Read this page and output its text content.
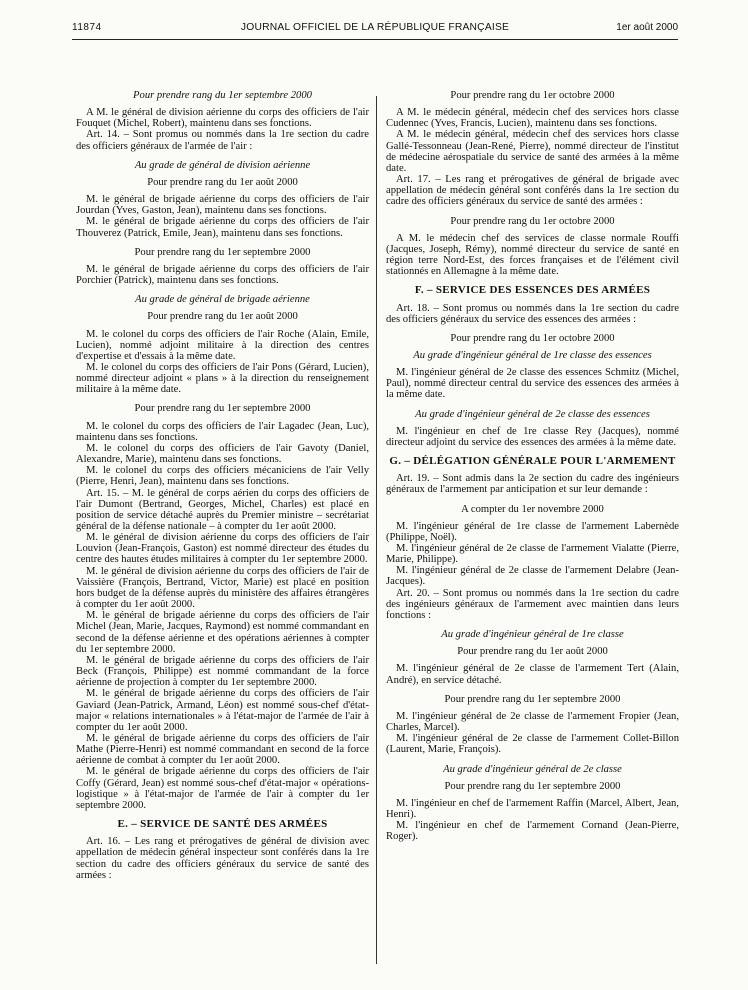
11874	JOURNAL OFFICIEL DE LA RÉPUBLIQUE FRANÇAISE	1er août 2000
Pour prendre rang du 1er septembre 2000
A M. le général de division aérienne du corps des officiers de l'air Fouquet (Michel, Robert), maintenu dans ses fonctions.
Art. 14. – Sont promus ou nommés dans la 1re section du cadre des officiers généraux de l'armée de l'air :
Au grade de général de division aérienne
Pour prendre rang du 1er août 2000
M. le général de brigade aérienne du corps des officiers de l'air Jourdan (Yves, Gaston, Jean), maintenu dans ses fonctions.
M. le général de brigade aérienne du corps des officiers de l'air Thouverez (Patrick, Emile, Jean), maintenu dans ses fonctions.
Pour prendre rang du 1er septembre 2000
M. le général de brigade aérienne du corps des officiers de l'air Porchier (Patrick), maintenu dans ses fonctions.
Au grade de général de brigade aérienne
Pour prendre rang du 1er août 2000
M. le colonel du corps des officiers de l'air Roche (Alain, Emile, Lucien), nommé adjoint militaire à la direction des centres d'expertise et d'essais à la même date.
M. le colonel du corps des officiers de l'air Pons (Gérard, Lucien), nommé directeur adjoint « plans » à la direction du renseignement militaire à la même date.
Pour prendre rang du 1er septembre 2000
M. le colonel du corps des officiers de l'air Lagadec (Jean, Luc), maintenu dans ses fonctions.
M. le colonel du corps des officiers de l'air Gavoty (Daniel, Alexandre, Marie), maintenu dans ses fonctions.
M. le colonel du corps des officiers mécaniciens de l'air Velly (Pierre, Henri, Jean), maintenu dans ses fonctions.
Art. 15. – M. le général de corps aérien du corps des officiers de l'air Dumont (Bertrand, Georges, Michel, Charles) est placé en position de service détaché auprès du Premier ministre – secrétariat général de la défense nationale – à compter du 1er août 2000.
M. le général de division aérienne du corps des officiers de l'air Louvion (Jean-François, Gaston) est nommé directeur des études du centre des hautes études militaires à compter du 1er septembre 2000.
M. le général de division aérienne du corps des officiers de l'air de Vaissière (François, Bertrand, Victor, Marie) est placé en position hors budget de la défense auprès du ministère des affaires étrangères à compter du 1er août 2000.
M. le général de brigade aérienne du corps des officiers de l'air Michel (Jean, Marie, Jacques, Raymond) est nommé commandant en second de la défense aérienne et des opérations aériennes à compter du 1er septembre 2000.
M. le général de brigade aérienne du corps des officiers de l'air Beck (François, Philippe) est nommé commandant de la force aérienne de projection à compter du 1er septembre 2000.
M. le général de brigade aérienne du corps des officiers de l'air Gaviard (Jean-Patrick, Armand, Léon) est nommé sous-chef d'état-major « relations internationales » à l'état-major de l'armée de l'air à compter du 1er août 2000.
M. le général de brigade aérienne du corps des officiers de l'air Mathe (Pierre-Henri) est nommé commandant en second de la force aérienne de combat à compter du 1er août 2000.
M. le général de brigade aérienne du corps des officiers de l'air Coffy (Gérard, Jean) est nommé sous-chef d'état-major « opérations-logistique » à l'état-major de l'armée de l'air à compter du 1er septembre 2000.
E. – SERVICE DE SANTÉ DES ARMÉES
Art. 16. – Les rang et prérogatives de général de division avec appellation de médecin général inspecteur sont conférés dans la 1re section du cadre des officiers généraux du service de santé des armées :
Pour prendre rang du 1er octobre 2000
A M. le médecin général, médecin chef des services hors classe Cudennec (Yves, Francis, Lucien), maintenu dans ses fonctions.
A M. le médecin général, médecin chef des services hors classe Gallé-Tessonneau (Jean-René, Pierre), nommé directeur de l'institut de médecine aérospatiale du service de santé des armées à la même date.
Art. 17. – Les rang et prérogatives de général de brigade avec appellation de médecin général sont conférés dans la 1re section du cadre des officiers généraux du service de santé des armées :
Pour prendre rang du 1er octobre 2000
A M. le médecin chef des services de classe normale Rouffi (Jacques, Joseph, Rémy), nommé directeur du service de santé en région terre Nord-Est, des forces françaises et de l'élément civil stationnés en Allemagne à la même date.
F. – SERVICE DES ESSENCES DES ARMÉES
Art. 18. – Sont promus ou nommés dans la 1re section du cadre des officiers généraux du service des essences des armées :
Pour prendre rang du 1er octobre 2000
Au grade d'ingénieur général de 1re classe des essences
M. l'ingénieur général de 2e classe des essences Schmitz (Michel, Paul), nommé directeur central du service des essences des armées à la même date.
Au grade d'ingénieur général de 2e classe des essences
M. l'ingénieur en chef de 1re classe Rey (Jacques), nommé directeur adjoint du service des essences des armées à la même date.
G. – DÉLÉGATION GÉNÉRALE POUR L'ARMEMENT
Art. 19. – Sont admis dans la 2e section du cadre des ingénieurs généraux de l'armement par anticipation et sur leur demande :
A compter du 1er novembre 2000
M. l'ingénieur général de 1re classe de l'armement Labernède (Philippe, Noël).
M. l'ingénieur général de 2e classe de l'armement Vialatte (Pierre, Marie, Philippe).
M. l'ingénieur général de 2e classe de l'armement Delabre (Jean-Jacques).
Art. 20. – Sont promus ou nommés dans la 1re section du cadre des ingénieurs généraux de l'armement avec maintien dans leurs fonctions :
Au grade d'ingénieur général de 1re classe
Pour prendre rang du 1er août 2000
M. l'ingénieur général de 2e classe de l'armement Tert (Alain, André), en service détaché.
Pour prendre rang du 1er septembre 2000
M. l'ingénieur général de 2e classe de l'armement Fropier (Jean, Charles, Marcel).
M. l'ingénieur général de 2e classe de l'armement Collet-Billon (Laurent, Marie, François).
Au grade d'ingénieur général de 2e classe
Pour prendre rang du 1er septembre 2000
M. l'ingénieur en chef de l'armement Raffin (Marcel, Albert, Jean, Henri).
M. l'ingénieur en chef de l'armement Cornand (Jean-Pierre, Roger).
